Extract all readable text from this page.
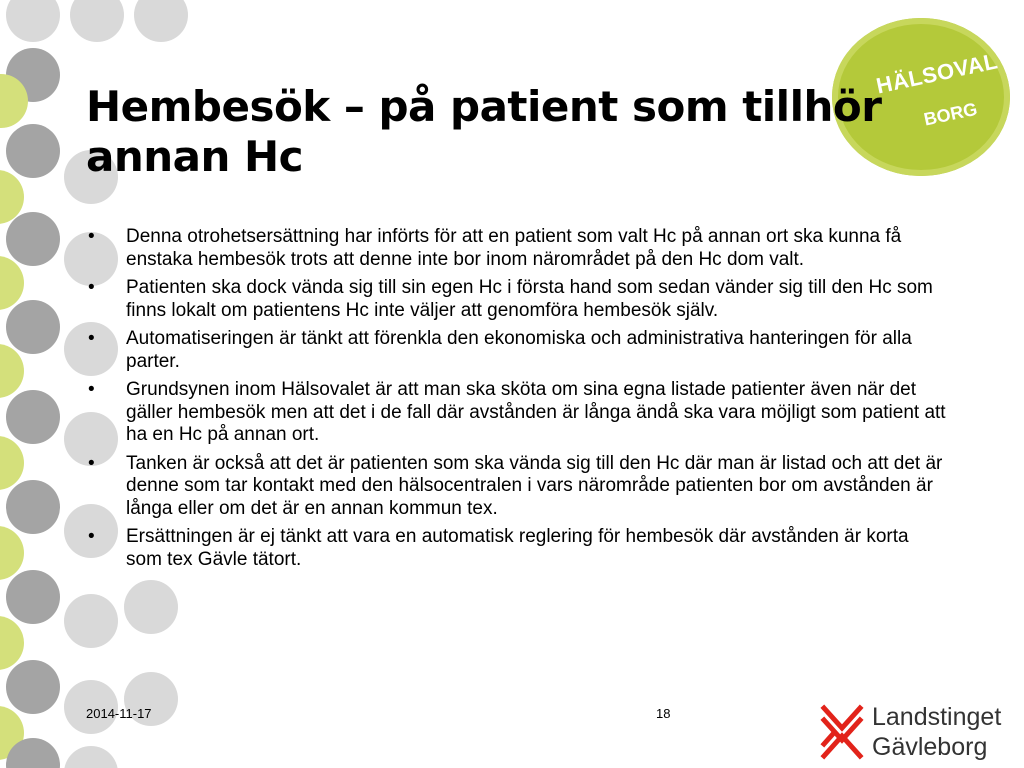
HÄLSOVAL
BORG
Hembesök – på patient som tillhör annan Hc
•	Denna otrohetsersättning har införts för att en patient som valt Hc på annan ort ska kunna få enstaka hembesök trots att denne inte bor inom närområdet på den Hc dom valt.
•	Patienten ska dock vända sig till sin egen Hc i första hand som sedan vänder sig till den Hc som finns lokalt om patientens Hc inte väljer att genomföra hembesök själv.
•	Automatiseringen är tänkt att förenkla den ekonomiska och administrativa hanteringen för alla parter.
•	Grundsynen inom Hälsovalet är att man ska sköta om sina egna listade patienter även när det gäller hembesök men att det i de fall där avstånden är långa ändå ska vara möjligt som patient att ha en Hc på annan ort.
•	Tanken är också att det är patienten som ska vända sig till den Hc där man är listad och att det är denne som tar kontakt med den hälsocentralen i vars närområde patienten bor om avstånden är långa eller om det är en annan kommun tex.
•	Ersättningen är ej tänkt att vara en automatisk reglering för hembesök där avstånden är korta som tex Gävle tätort.
2014-11-17	18	Landstinget
Gävleborg
